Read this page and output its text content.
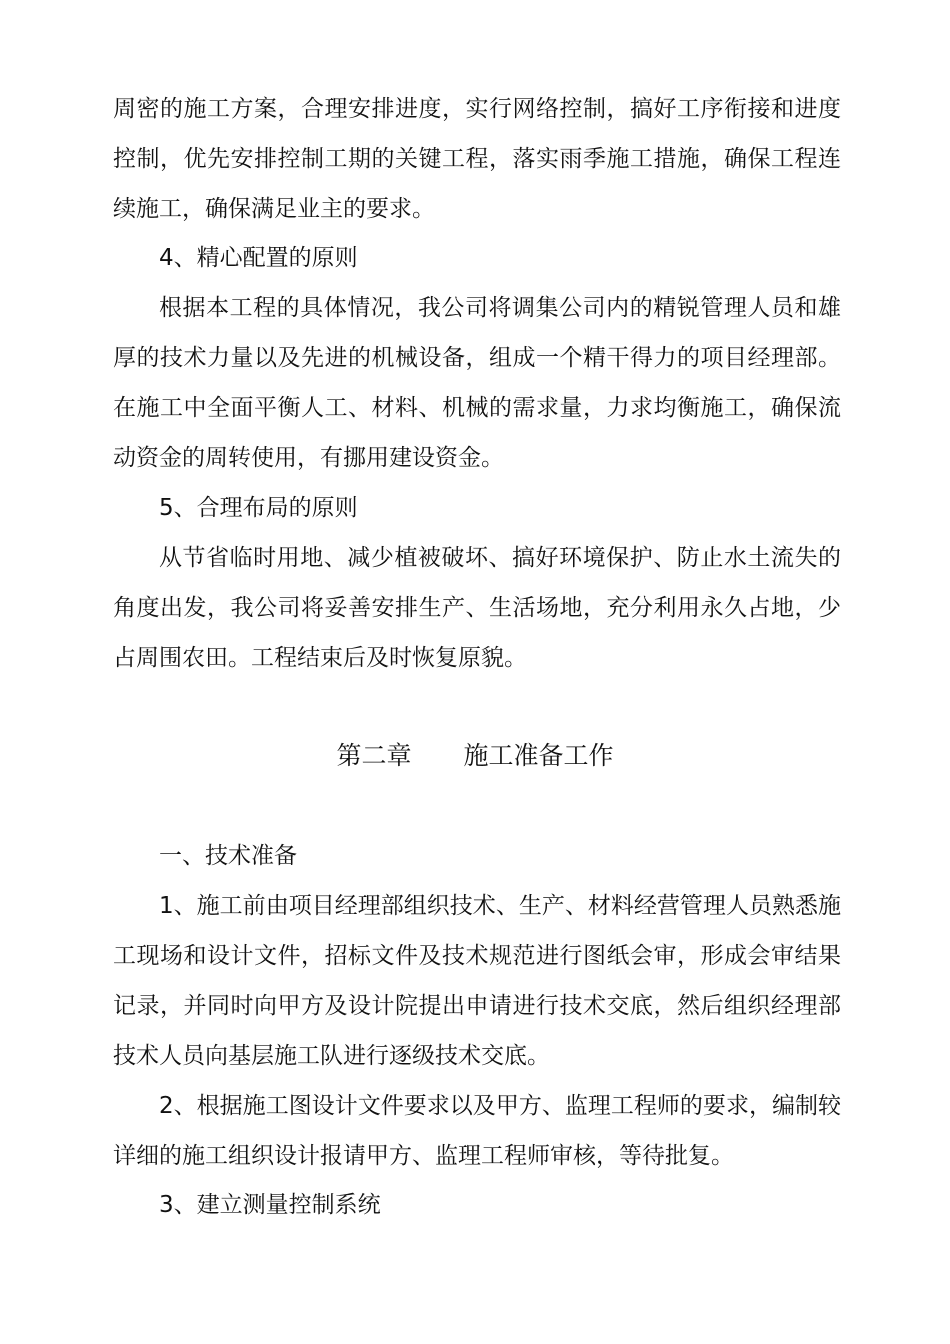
周密的施工方案，合理安排进度，实行网络控制，搞好工序衔接和进度控制，优先安排控制工期的关键工程，落实雨季施工措施，确保工程连续施工，确保满足业主的要求。

4、精心配置的原则

根据本工程的具体情况，我公司将调集公司内的精锐管理人员和雄厚的技术力量以及先进的机械设备，组成一个精干得力的项目经理部。在施工中全面平衡人工、材料、机械的需求量，力求均衡施工，确保流动资金的周转使用，有挪用建设资金。

5、合理布局的原则

从节省临时用地、减少植被破坏、搞好环境保护、防止水土流失的角度出发，我公司将妥善安排生产、生活场地，充分利用永久占地，少占周围农田。工程结束后及时恢复原貌。

第二章 施工准备工作

一、技术准备

1、施工前由项目经理部组织技术、生产、材料经营管理人员熟悉施工现场和设计文件，招标文件及技术规范进行图纸会审，形成会审结果记录，并同时向甲方及设计院提出申请进行技术交底，然后组织经理部技术人员向基层施工队进行逐级技术交底。

2、根据施工图设计文件要求以及甲方、监理工程师的要求，编制较详细的施工组织设计报请甲方、监理工程师审核，等待批复。

3、建立测量控制系统
